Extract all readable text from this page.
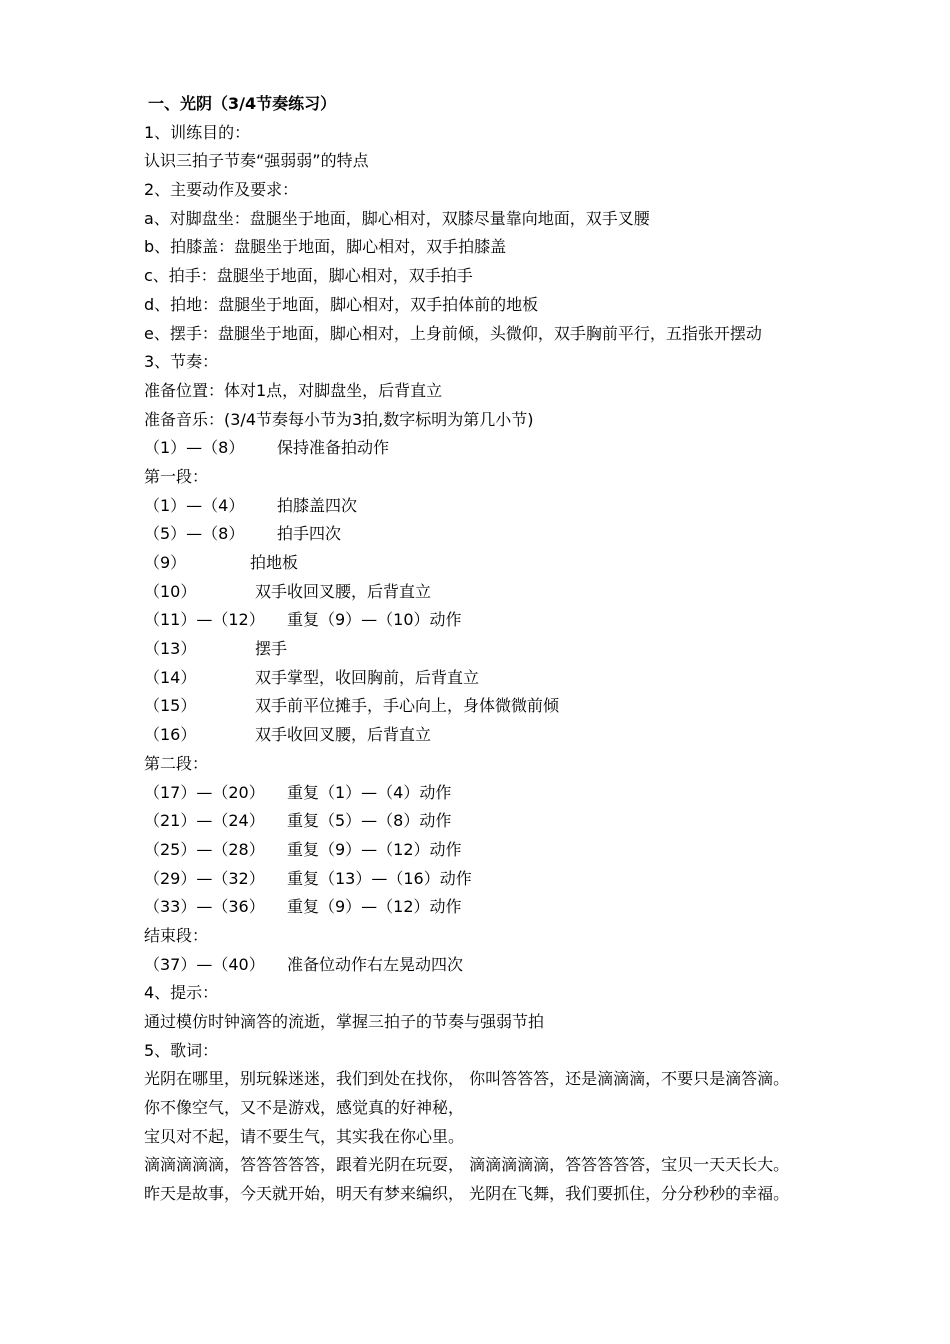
一、光阴（3/4节奏练习）
1、训练目的：
认识三拍子节奏“强弱弱”的特点
2、主要动作及要求：
a、对脚盘坐：盘腿坐于地面，脚心相对，双膝尽量靠向地面，双手叉腰
b、拍膝盖：盘腿坐于地面，脚心相对，双手拍膝盖
c、拍手：盘腿坐于地面，脚心相对，双手拍手
d、拍地：盘腿坐于地面，脚心相对，双手拍体前的地板
e、摆手：盘腿坐于地面，脚心相对，上身前倾，头微仰，双手胸前平行，五指张开摆动
3、节奏：
准备位置：体对1点，对脚盘坐，后背直立
准备音乐：(3/4节奏每小节为3拍,数字标明为第几小节)
（1）—（8）	保持准备拍动作
第一段：
（1）—（4）	拍膝盖四次
（5）—（8）	拍手四次
（9）	拍地板
（10）	双手收回叉腰，后背直立
（11）—（12）	重复（9）—（10）动作
（13）	摆手
（14）	双手掌型，收回胸前，后背直立
（15）	双手前平位摊手，手心向上，身体微微前倾
（16）	双手收回叉腰，后背直立
第二段：
（17）—（20）	重复（1）—（4）动作
（21）—（24）	重复（5）—（8）动作
（25）—（28）	重复（9）—（12）动作
（29）—（32）	重复（13）—（16）动作
（33）—（36）	重复（9）—（12）动作
结束段：
（37）—（40）	准备位动作右左晃动四次
4、提示：
通过模仿时钟滴答的流逝，掌握三拍子的节奏与强弱节拍
5、歌词：
光阴在哪里，别玩躲迷迷，我们到处在找你， 你叫答答答，还是滴滴滴，不要只是滴答滴。
你不像空气，又不是游戏，感觉真的好神秘，
宝贝对不起，请不要生气，其实我在你心里。
滴滴滴滴滴，答答答答答，跟着光阴在玩耍， 滴滴滴滴滴，答答答答答，宝贝一天天长大。
昨天是故事，今天就开始，明天有梦来编织， 光阴在飞舞，我们要抓住，分分秒秒的幸福。
